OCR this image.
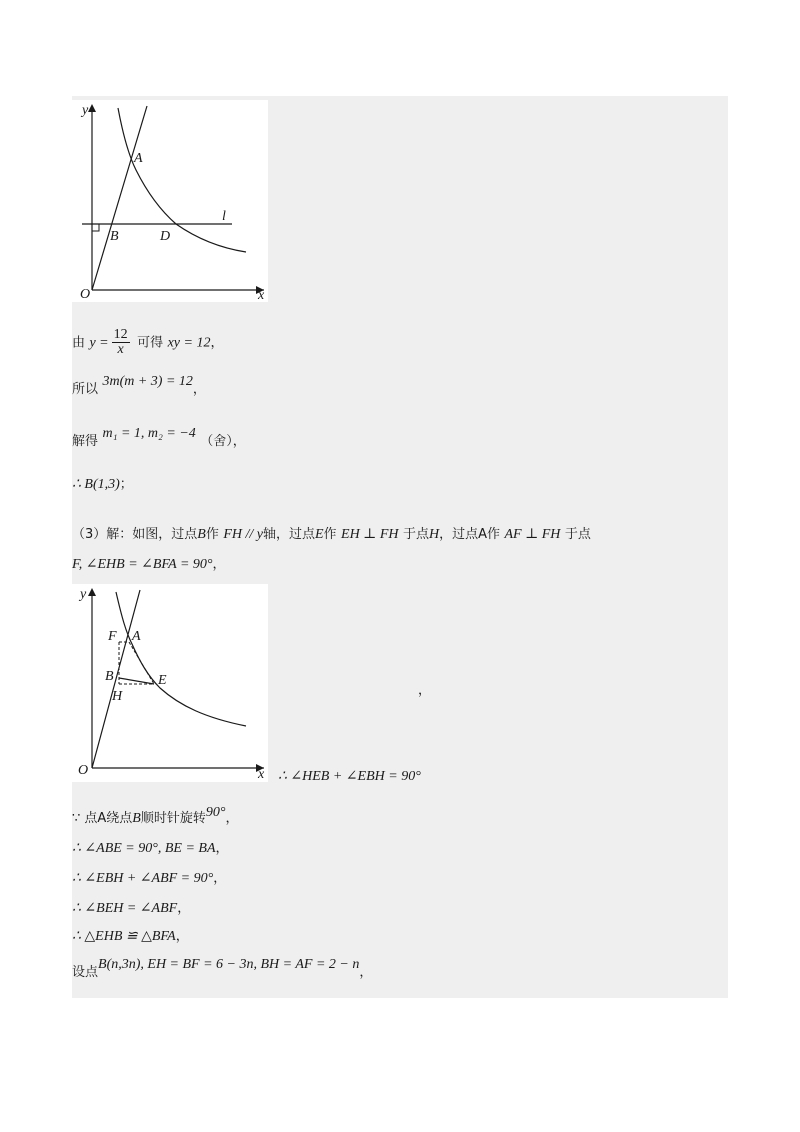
y
x
O
A
B	D
l
由 $y = \frac{12}{x}$ 可得 xy = 12，
所以 3m(m + 3) = 12，
解得 m₁ = 1, m₂ = −4 （舍），
∴ B(1,3)；
（3）解：如图，过点B作 FH // y轴，过点E作 EH ⊥ FH 于点H，过点A作 AF ⊥ FH 于点
F, ∠EHB = ∠BFA = 90°，
y
x
O
A
F
B
H
E
，
∴ ∠HEB + ∠EBH = 90°
∵ 点A绕点B顺时针旋转90°，
∴ ∠ABE = 90°, BE = BA，
∴ ∠EBH + ∠ABF = 90°，
∴ ∠BEH = ∠ABF，
∴ △EHB ≌ △BFA，
设点B(n,3n), EH = BF = 6 − 3n, BH = AF = 2 − n，
